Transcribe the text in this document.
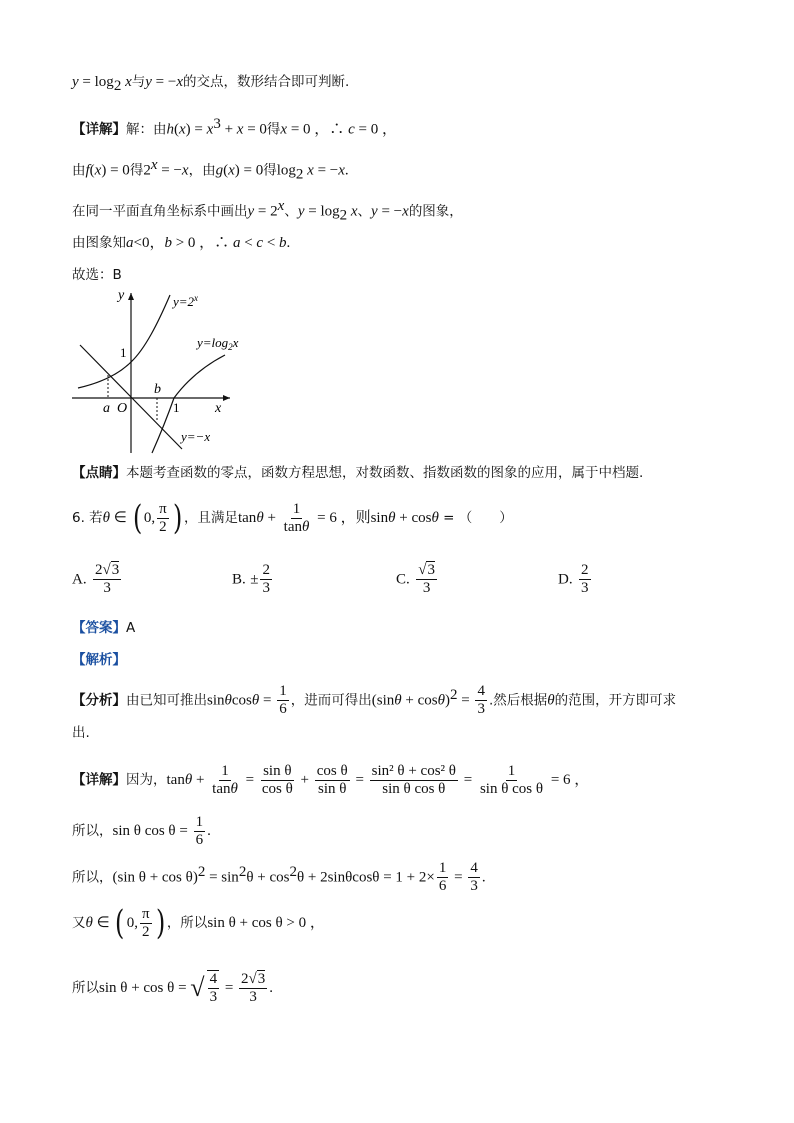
$y = \log_2 x$与y = −x的交点，数形结合即可判断.
【详解】解：由$h(x) = x^3 + x = 0$得x = 0 ，∴ c = 0 ，
由f(x) = 0得$2^x = -x$，由g(x) = 0得$\log_2 x = -x$.
在同一平面直角坐标系中画出$y = 2^x$、$y = \log_2 x$、y = −x的图象，
由图象知a<0，b > 0 ，∴ a < c < b.
故选：B
y
x
O
1
1
a
b
$y=2^x$
$y=\log_2x$
y=−x
【点睛】本题考查函数的零点，函数方程思想，对数函数、指数函数的图象的应用，属于中档题.
6. 若θ ∈ ( 0, $\frac{\pi}{2}$ ) ，且满足$\tan\theta + \frac{1}{\tan\theta} = 6$ ，则sinθ + cosθ = （　　）
A. $\frac{2√3}{3}$	B. ± $\frac{2}{3}$	C. $\frac{√3}{3}$	D. $\frac{2}{3}$
【答案】A
【解析】
【分析】由已知可推出$\sin\theta\cos\theta = \frac{1}{6}$ ，进而可得出$(\sin\theta + \cos\theta)^2 = \frac{4}{3}$ .然后根据θ的范围，开方即可求
出.
【详解】因为，$\tan\theta + \frac{1}{\tan\theta} = \frac{\text{sin θ}}{\text{cos θ}} + \frac{\text{cos θ}}{\text{sin θ}} = \frac{\text{sin² θ + cos² θ}}{\text{sin θ cos θ}} = \frac{1}{\text{sin θ cos θ}} = 6$ ，
所以，sin θ $\cos \theta = \frac{1}{6}$ .
所以，(sin $\theta + \cos \theta)^2 = \sin^2\theta + \cos^2\theta + 2\sin\theta\cos\theta = 1 + 2\times \frac{1}{6} = \frac{4}{3}$ .
又θ ∈ ( 0, $\frac{\pi}{2}$ ) ，所以sin θ + cos θ > 0 ，
所以sin θ + cos θ = √ $\frac{4}{3} = \frac{2√3}{3}$ .
